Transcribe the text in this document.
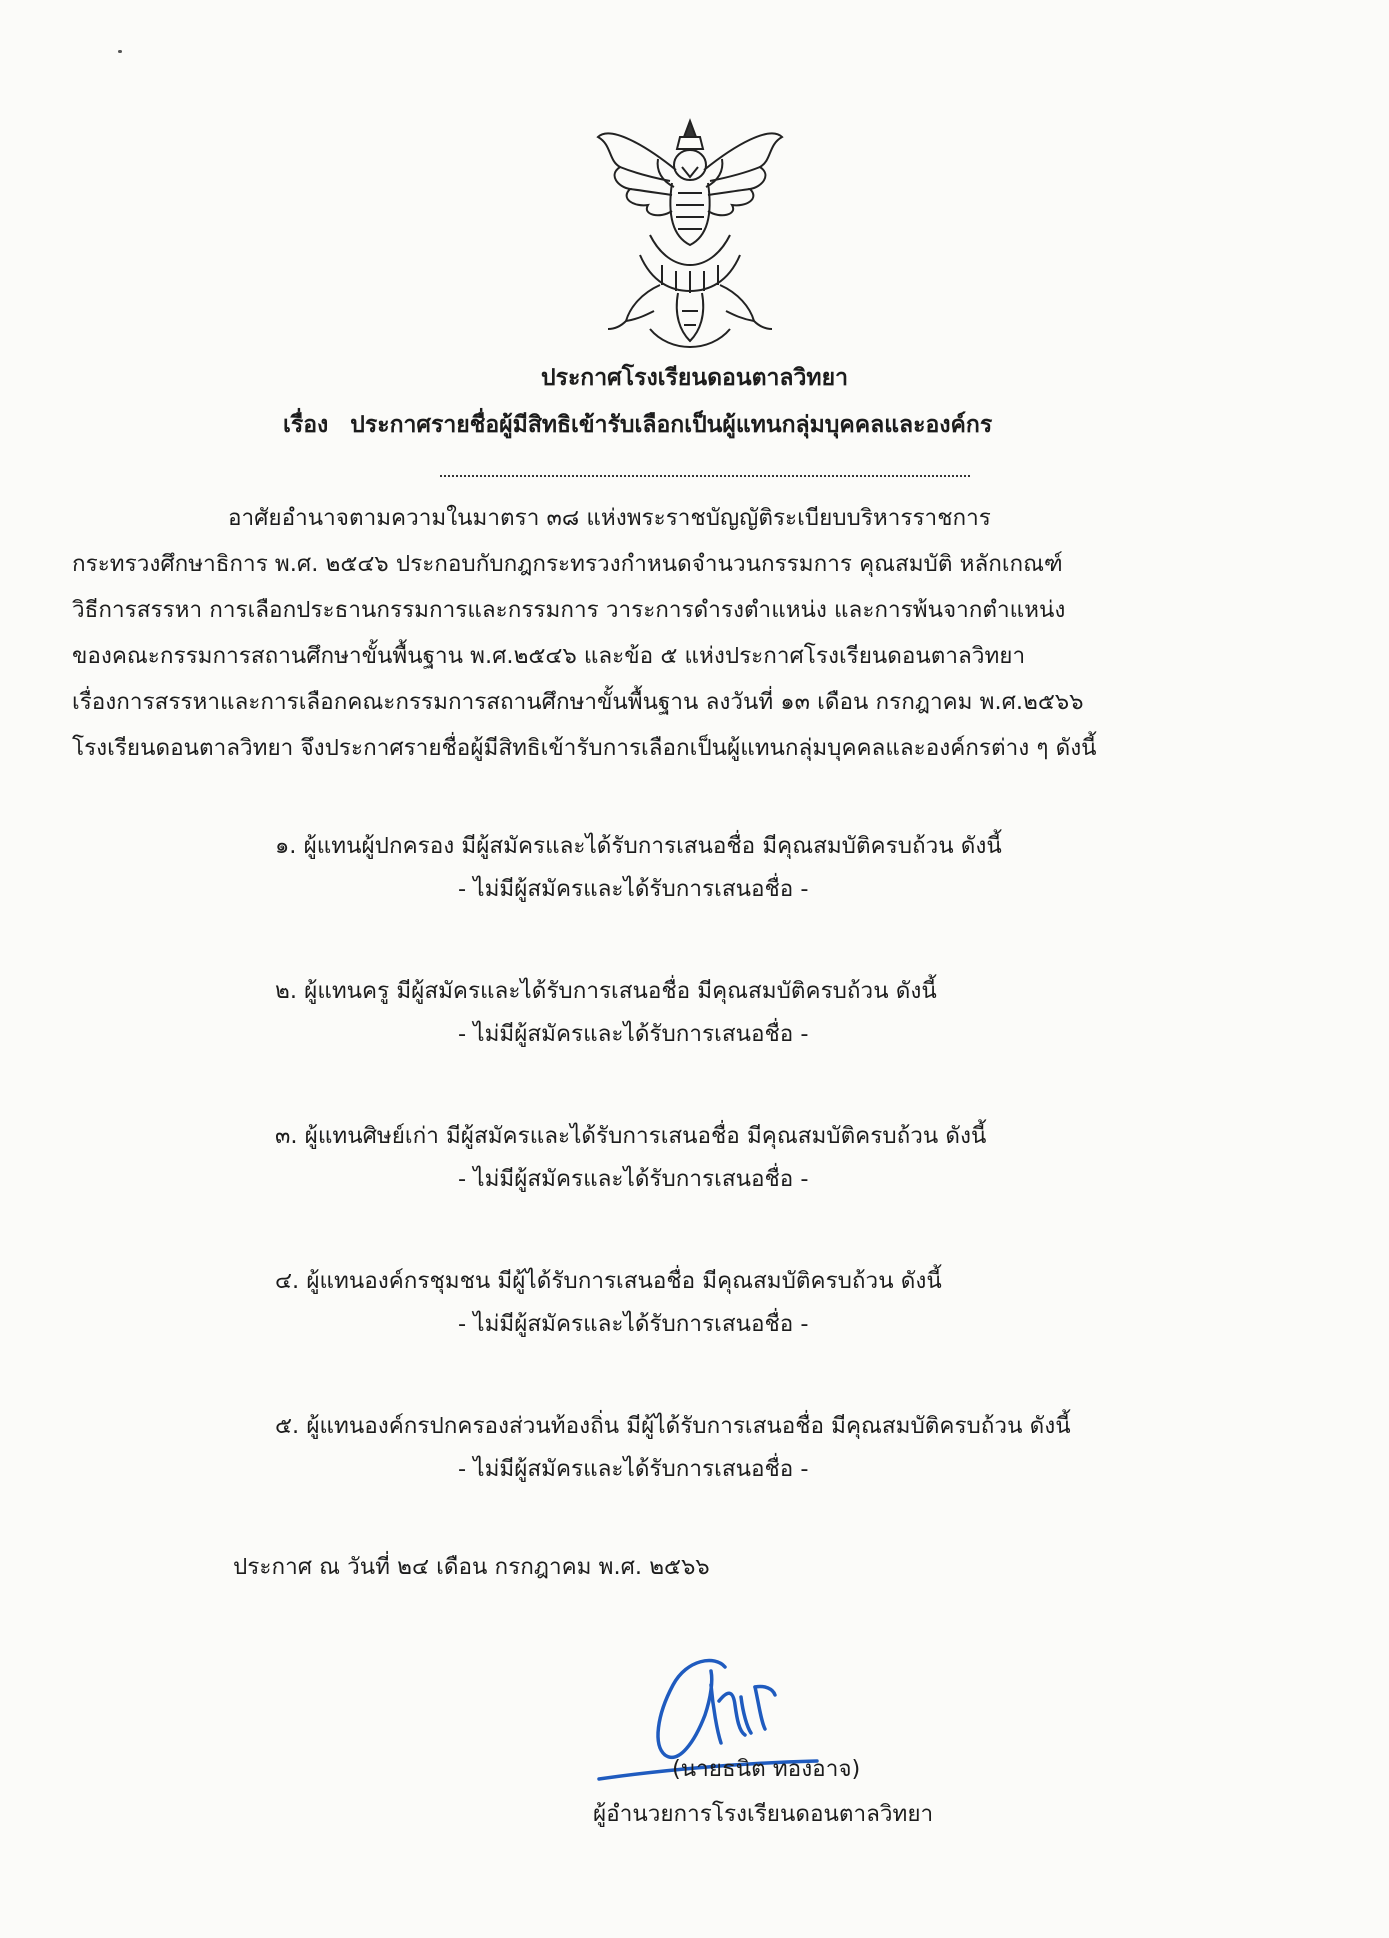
ประกาศโรงเรียนดอนตาลวิทยา
เรื่อง ประกาศรายชื่อผู้มีสิทธิเข้ารับเลือกเป็นผู้แทนกลุ่มบุคคลและองค์กร

อาศัยอำนาจตามความในมาตรา ๓๘ แห่งพระราชบัญญัติระเบียบบริหารราชการ

กระทรวงศึกษาธิการ พ.ศ. ๒๕๔๖ ประกอบกับกฎกระทรวงกำหนดจำนวนกรรมการ คุณสมบัติ หลักเกณฑ์

วิธีการสรรหา การเลือกประธานกรรมการและกรรมการ วาระการดำรงตำแหน่ง และการพ้นจากตำแหน่ง

ของคณะกรรมการสถานศึกษาขั้นพื้นฐาน พ.ศ.๒๕๔๖ และข้อ ๕ แห่งประกาศโรงเรียนดอนตาลวิทยา

เรื่องการสรรหาและการเลือกคณะกรรมการสถานศึกษาขั้นพื้นฐาน ลงวันที่ ๑๓ เดือน กรกฎาคม พ.ศ.๒๕๖๖

โรงเรียนดอนตาลวิทยา จึงประกาศรายชื่อผู้มีสิทธิเข้ารับการเลือกเป็นผู้แทนกลุ่มบุคคลและองค์กรต่าง ๆ ดังนี้

๑. ผู้แทนผู้ปกครอง มีผู้สมัครและได้รับการเสนอชื่อ มีคุณสมบัติครบถ้วน ดังนี้
- ไม่มีผู้สมัครและได้รับการเสนอชื่อ -
๒. ผู้แทนครู มีผู้สมัครและได้รับการเสนอชื่อ มีคุณสมบัติครบถ้วน ดังนี้
- ไม่มีผู้สมัครและได้รับการเสนอชื่อ -
๓. ผู้แทนศิษย์เก่า มีผู้สมัครและได้รับการเสนอชื่อ มีคุณสมบัติครบถ้วน ดังนี้
- ไม่มีผู้สมัครและได้รับการเสนอชื่อ -
๔. ผู้แทนองค์กรชุมชน มีผู้ได้รับการเสนอชื่อ มีคุณสมบัติครบถ้วน ดังนี้
- ไม่มีผู้สมัครและได้รับการเสนอชื่อ -
๕. ผู้แทนองค์กรปกครองส่วนท้องถิ่น มีผู้ได้รับการเสนอชื่อ มีคุณสมบัติครบถ้วน ดังนี้
- ไม่มีผู้สมัครและได้รับการเสนอชื่อ -
ประกาศ ณ วันที่ ๒๔ เดือน กรกฎาคม พ.ศ. ๒๕๖๖
(นายธนิต ทองอาจ)
ผู้อำนวยการโรงเรียนดอนตาลวิทยา
